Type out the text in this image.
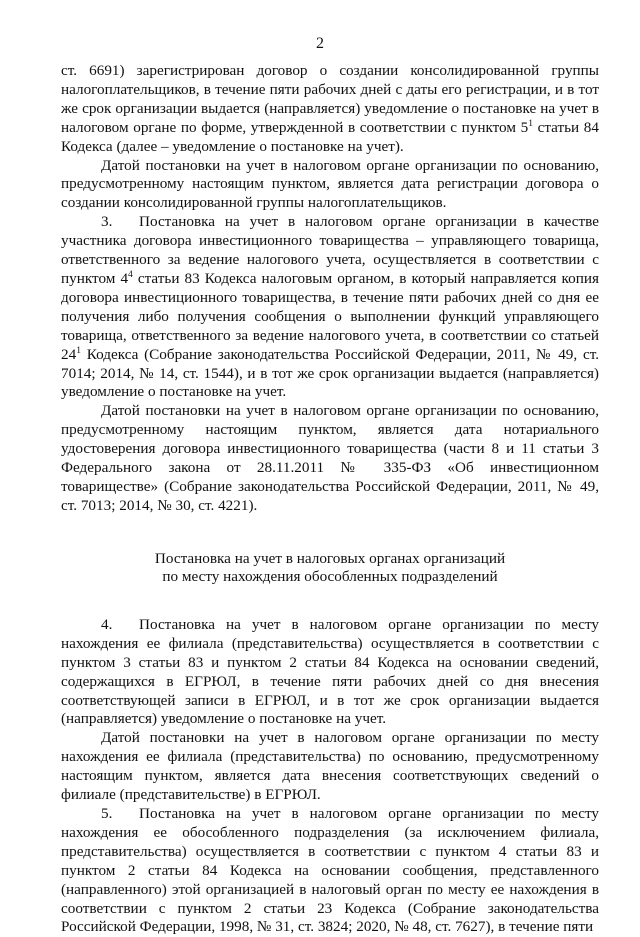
2

ст. 6691) зарегистрирован договор о создании консолидированной группы налогоплательщиков, в течение пяти рабочих дней с даты его регистрации, и в тот же срок организации выдается (направляется) уведомление о постановке на учет в налоговом органе по форме, утвержденной в соответствии с пунктом $5^1$ статьи 84 Кодекса (далее – уведомление о постановке на учет).

Датой постановки на учет в налоговом органе организации по основанию, предусмотренному настоящим пунктом, является дата регистрации договора о создании консолидированной группы налогоплательщиков.

3. Постановка на учет в налоговом органе организации в качестве участника договора инвестиционного товарищества – управляющего товарища, ответственного за ведение налогового учета, осуществляется в соответствии с пунктом $4^4$ статьи 83 Кодекса налоговым органом, в который направляется копия договора инвестиционного товарищества, в течение пяти рабочих дней со дня ее получения либо получения сообщения о выполнении функций управляющего товарища, ответственного за ведение налогового учета, в соответствии со статьей $24^1$ Кодекса (Собрание законодательства Российской Федерации, 2011, № 49, ст. 7014; 2014, № 14, ст. 1544), и в тот же срок организации выдается (направляется) уведомление о постановке на учет.

Датой постановки на учет в налоговом органе организации по основанию, предусмотренному настоящим пунктом, является дата нотариального удостоверения договора инвестиционного товарищества (части 8 и 11 статьи 3 Федерального закона от 28.11.2011 № 335-ФЗ «Об инвестиционном товариществе» (Собрание законодательства Российской Федерации, 2011, № 49, ст. 7013; 2014, № 30, ст. 4221).

Постановка на учет в налоговых органах организаций
по месту нахождения обособленных подразделений

4. Постановка на учет в налоговом органе организации по месту нахождения ее филиала (представительства) осуществляется в соответствии с пунктом 3 статьи 83 и пунктом 2 статьи 84 Кодекса на основании сведений, содержащихся в ЕГРЮЛ, в течение пяти рабочих дней со дня внесения соответствующей записи в ЕГРЮЛ, и в тот же срок организации выдается (направляется) уведомление о постановке на учет.

Датой постановки на учет в налоговом органе организации по месту нахождения ее филиала (представительства) по основанию, предусмотренному настоящим пунктом, является дата внесения соответствующих сведений о филиале (представительстве) в ЕГРЮЛ.

5. Постановка на учет в налоговом органе организации по месту нахождения ее обособленного подразделения (за исключением филиала, представительства) осуществляется в соответствии с пунктом 4 статьи 83 и пунктом 2 статьи 84 Кодекса на основании сообщения, представленного (направленного) этой организацией в налоговый орган по месту ее нахождения в соответствии с пунктом 2 статьи 23 Кодекса (Собрание законодательства Российской Федерации, 1998, № 31, ст. 3824; 2020, № 48, ст. 7627), в течение пяти
